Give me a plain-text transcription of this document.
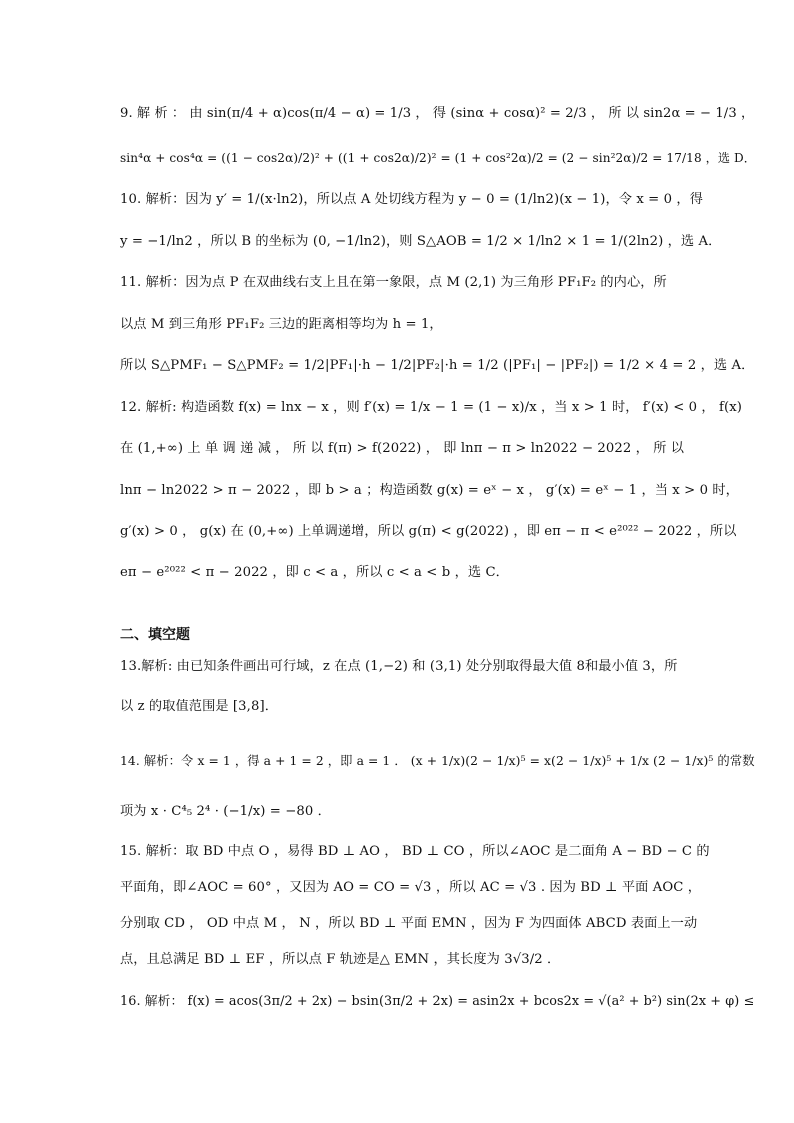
9. 解 析 ： 由 sin(π/4 + α)cos(π/4 − α) = 1/3 ， 得 (sinα + cosα)² = 2/3 ， 所 以 sin2α = − 1/3 ，
sin⁴α + cos⁴α = ((1 − cos2α)/2)² + ((1 + cos2α)/2)² = (1 + cos²2α)/2 = (2 − sin²2α)/2 = 17/18 ，选 D．
10. 解析：因为 y′ = 1/(x·ln2)，所以点 A 处切线方程为 y − 0 = (1/ln2)(x − 1)，令 x = 0 ，得
y = −1/ln2 ，所以 B 的坐标为 (0, −1/ln2)，则 S△AOB = 1/2 × 1/ln2 × 1 = 1/(2ln2) ，选 A．
11. 解析：因为点 P 在双曲线右支上且在第一象限，点 M (2,1) 为三角形 PF₁F₂ 的内心，所
以点 M 到三角形 PF₁F₂ 三边的距离相等均为 h = 1，
所以 S△PMF₁ − S△PMF₂ = 1/2|PF₁|·h − 1/2|PF₂|·h = 1/2 (|PF₁| − |PF₂|) = 1/2 × 4 = 2 ，选 A．
12. 解析: 构造函数 f(x) = lnx − x ，则 f′(x) = 1/x − 1 = (1 − x)/x ，当 x > 1 时， f′(x) < 0 ， f(x)
在 (1,+∞) 上 单 调 递 减 ， 所 以 f(π) > f(2022) ， 即 lnπ − π > ln2022 − 2022 ， 所 以
lnπ − ln2022 > π − 2022 ，即 b > a ；构造函数 g(x) = eˣ − x ， g′(x) = eˣ − 1 ，当 x > 0 时，
g′(x) > 0 ， g(x) 在 (0,+∞) 上单调递增，所以 g(π) < g(2022) ，即 eπ − π < e²⁰²² − 2022 ，所以
eπ − e²⁰²² < π − 2022 ，即 c < a ，所以 c < a < b ，选 C．
二、填空题
13.解析: 由已知条件画出可行域，z 在点 (1,−2) 和 (3,1) 处分别取得最大值 8和最小值 3，所
以 z 的取值范围是 [3,8]．
14. 解析：令 x = 1 ，得 a + 1 = 2 ，即 a = 1 ． (x + 1/x)(2 − 1/x)⁵ = x(2 − 1/x)⁵ + 1/x (2 − 1/x)⁵ 的常数
项为 x · C⁴₅ 2⁴ · (−1/x) = −80 ．
15. 解析：取 BD 中点 O ，易得 BD ⊥ AO ， BD ⊥ CO ，所以∠AOC 是二面角 A − BD − C 的
平面角，即∠AOC = 60° ，又因为 AO = CO = √3 ，所以 AC = √3 . 因为 BD ⊥ 平面 AOC ，
分别取 CD ， OD 中点 M ， N ，所以 BD ⊥ 平面 EMN ，因为 F 为四面体 ABCD 表面上一动
点，且总满足 BD ⊥ EF ，所以点 F 轨迹是△ EMN ，其长度为 3√3/2 ．
16. 解析： f(x) = acos(3π/2 + 2x) − bsin(3π/2 + 2x) = asin2x + bcos2x = √(a² + b²) sin(2x + φ) ≤
